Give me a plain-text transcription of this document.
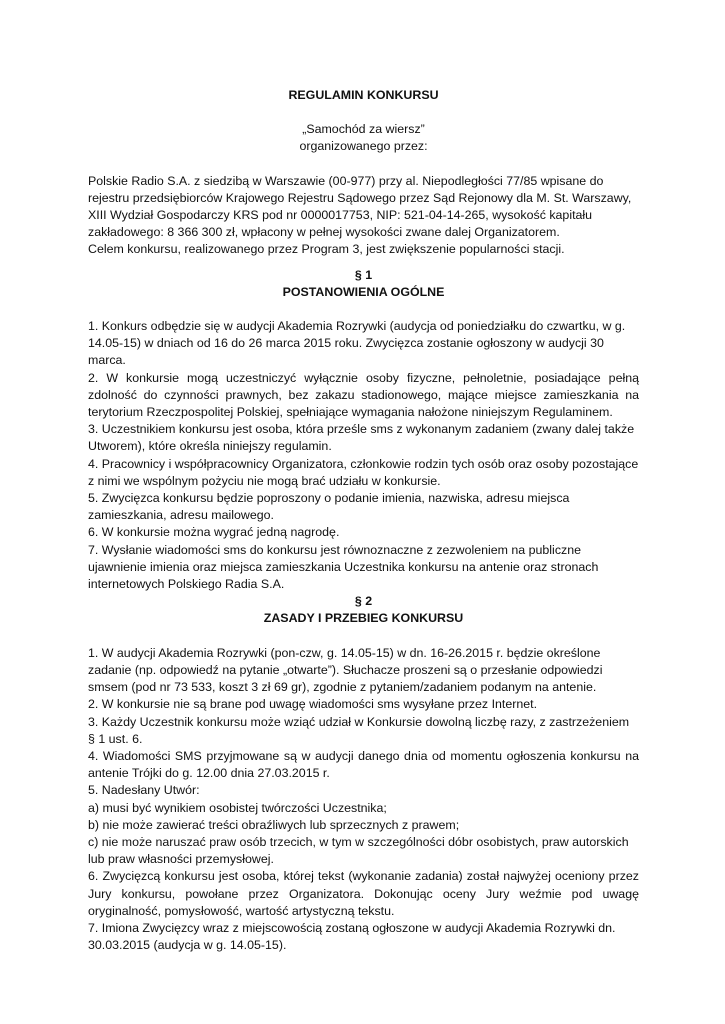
REGULAMIN KONKURSU

„Samochód za wiersz”

organizowanego przez:

Polskie Radio S.A. z siedzibą w Warszawie (00-977) przy al. Niepodległości 77/85 wpisane do rejestru przedsiębiorców Krajowego Rejestru Sądowego przez Sąd Rejonowy dla M. St. Warszawy, XIII Wydział Gospodarczy KRS pod nr 0000017753, NIP: 521-04-14-265, wysokość kapitału zakładowego: 8 366 300 zł, wpłacony w pełnej wysokości zwane dalej Organizatorem.

Celem konkursu, realizowanego przez Program 3, jest zwiększenie popularności stacji.

§ 1

POSTANOWIENIA OGÓLNE

1. Konkurs odbędzie się w audycji Akademia Rozrywki (audycja od poniedziałku do czwartku, w g. 14.05-15) w dniach od 16 do 26 marca 2015 roku. Zwycięzca zostanie ogłoszony w audycji 30 marca.

2. W konkursie mogą uczestniczyć wyłącznie osoby fizyczne, pełnoletnie, posiadające pełną zdolność do czynności prawnych, bez zakazu stadionowego, mające miejsce zamieszkania na terytorium Rzeczpospolitej Polskiej, spełniające wymagania nałożone niniejszym Regulaminem.

3. Uczestnikiem konkursu jest osoba, która prześle sms z wykonanym zadaniem (zwany dalej także Utworem), które określa niniejszy regulamin.

4. Pracownicy i współpracownicy Organizatora, członkowie rodzin tych osób oraz osoby pozostające z nimi we wspólnym pożyciu nie mogą brać udziału w konkursie.

5. Zwycięzca konkursu będzie poproszony o podanie imienia, nazwiska, adresu miejsca zamieszkania, adresu mailowego.

6. W konkursie można wygrać jedną nagrodę.

7. Wysłanie wiadomości sms do konkursu jest równoznaczne z zezwoleniem na publiczne ujawnienie imienia oraz miejsca zamieszkania Uczestnika konkursu na antenie oraz stronach internetowych Polskiego Radia S.A.

§ 2

ZASADY I PRZEBIEG KONKURSU

1. W audycji Akademia Rozrywki (pon-czw, g. 14.05-15) w dn. 16-26.2015 r. będzie określone zadanie (np. odpowiedź na pytanie „otwarte”). Słuchacze proszeni są o przesłanie odpowiedzi smsem (pod nr 73 533, koszt 3 zł 69 gr), zgodnie z pytaniem/zadaniem podanym na antenie.

2. W konkursie nie są brane pod uwagę wiadomości sms wysyłane przez Internet.

3. Każdy Uczestnik konkursu może wziąć udział w Konkursie dowolną liczbę razy, z zastrzeżeniem § 1 ust. 6.

4. Wiadomości SMS przyjmowane są w audycji danego dnia od momentu ogłoszenia konkursu na antenie Trójki do g. 12.00 dnia 27.03.2015 r.

5. Nadesłany Utwór:

a) musi być wynikiem osobistej twórczości Uczestnika;

b) nie może zawierać treści obraźliwych lub sprzecznych z prawem;

c) nie może naruszać praw osób trzecich, w tym w szczególności dóbr osobistych, praw autorskich lub praw własności przemysłowej.

6. Zwycięzcą konkursu jest osoba, której tekst (wykonanie zadania) został najwyżej oceniony przez Jury konkursu, powołane przez Organizatora. Dokonując oceny Jury weźmie pod uwagę oryginalność, pomysłowość, wartość artystyczną tekstu.

7. Imiona Zwycięzcy wraz z miejscowością zostaną ogłoszone w audycji Akademia Rozrywki dn. 30.03.2015 (audycja w g. 14.05-15).
